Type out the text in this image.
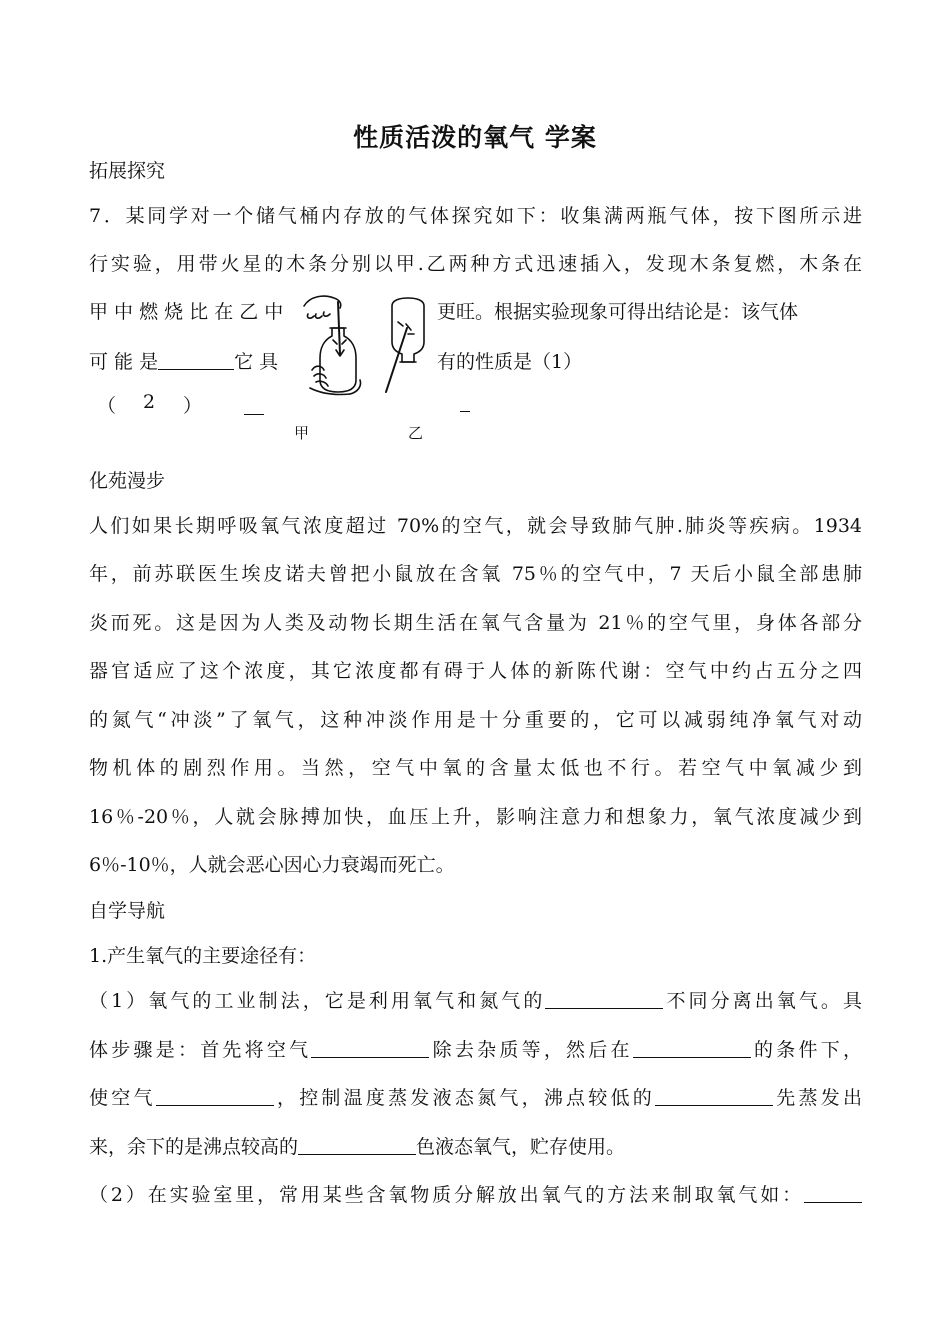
性质活泼的氧气 学案
拓展探究
7．某同学对一个储气桶内存放的气体探究如下：收集满两瓶气体，按下图所示进
行实验，用带火星的木条分别以甲.乙两种方式迅速插入，发现木条复燃，木条在
甲 中 燃 烧 比 在 乙 中	更旺。根据实验现象可得出结论是：该气体
可 能 是	它 具	有的性质是（1）
（ 2 ）
甲	乙
化苑漫步
人们如果长期呼吸氧气浓度超过 70%的空气，就会导致肺气肿.肺炎等疾病。1934
年，前苏联医生埃皮诺夫曾把小鼠放在含氧 75％的空气中，7 天后小鼠全部患肺
炎而死。这是因为人类及动物长期生活在氧气含量为 21％的空气里，身体各部分
器官适应了这个浓度，其它浓度都有碍于人体的新陈代谢：空气中约占五分之四
的氮气“冲淡”了氧气，这种冲淡作用是十分重要的，它可以减弱纯净氧气对动
物机体的剧烈作用。当然，空气中氧的含量太低也不行。若空气中氧减少到
16％-20％，人就会脉搏加快，血压上升，影响注意力和想象力，氧气浓度减少到
6％-10％，人就会恶心因心力衰竭而死亡。
自学导航
1.产生氧气的主要途径有：
（1）氧气的工业制法，它是利用氧气和氮气的	不同分离出氧气。具
体步骤是：首先将空气	除去杂质等，然后在	的条件下，
使空气	，控制温度蒸发液态氮气，沸点较低的	先蒸发出
来，余下的是沸点较高的	色液态氧气，贮存使用。
（2）在实验室里，常用某些含氧物质分解放出氧气的方法来制取氧气如：
